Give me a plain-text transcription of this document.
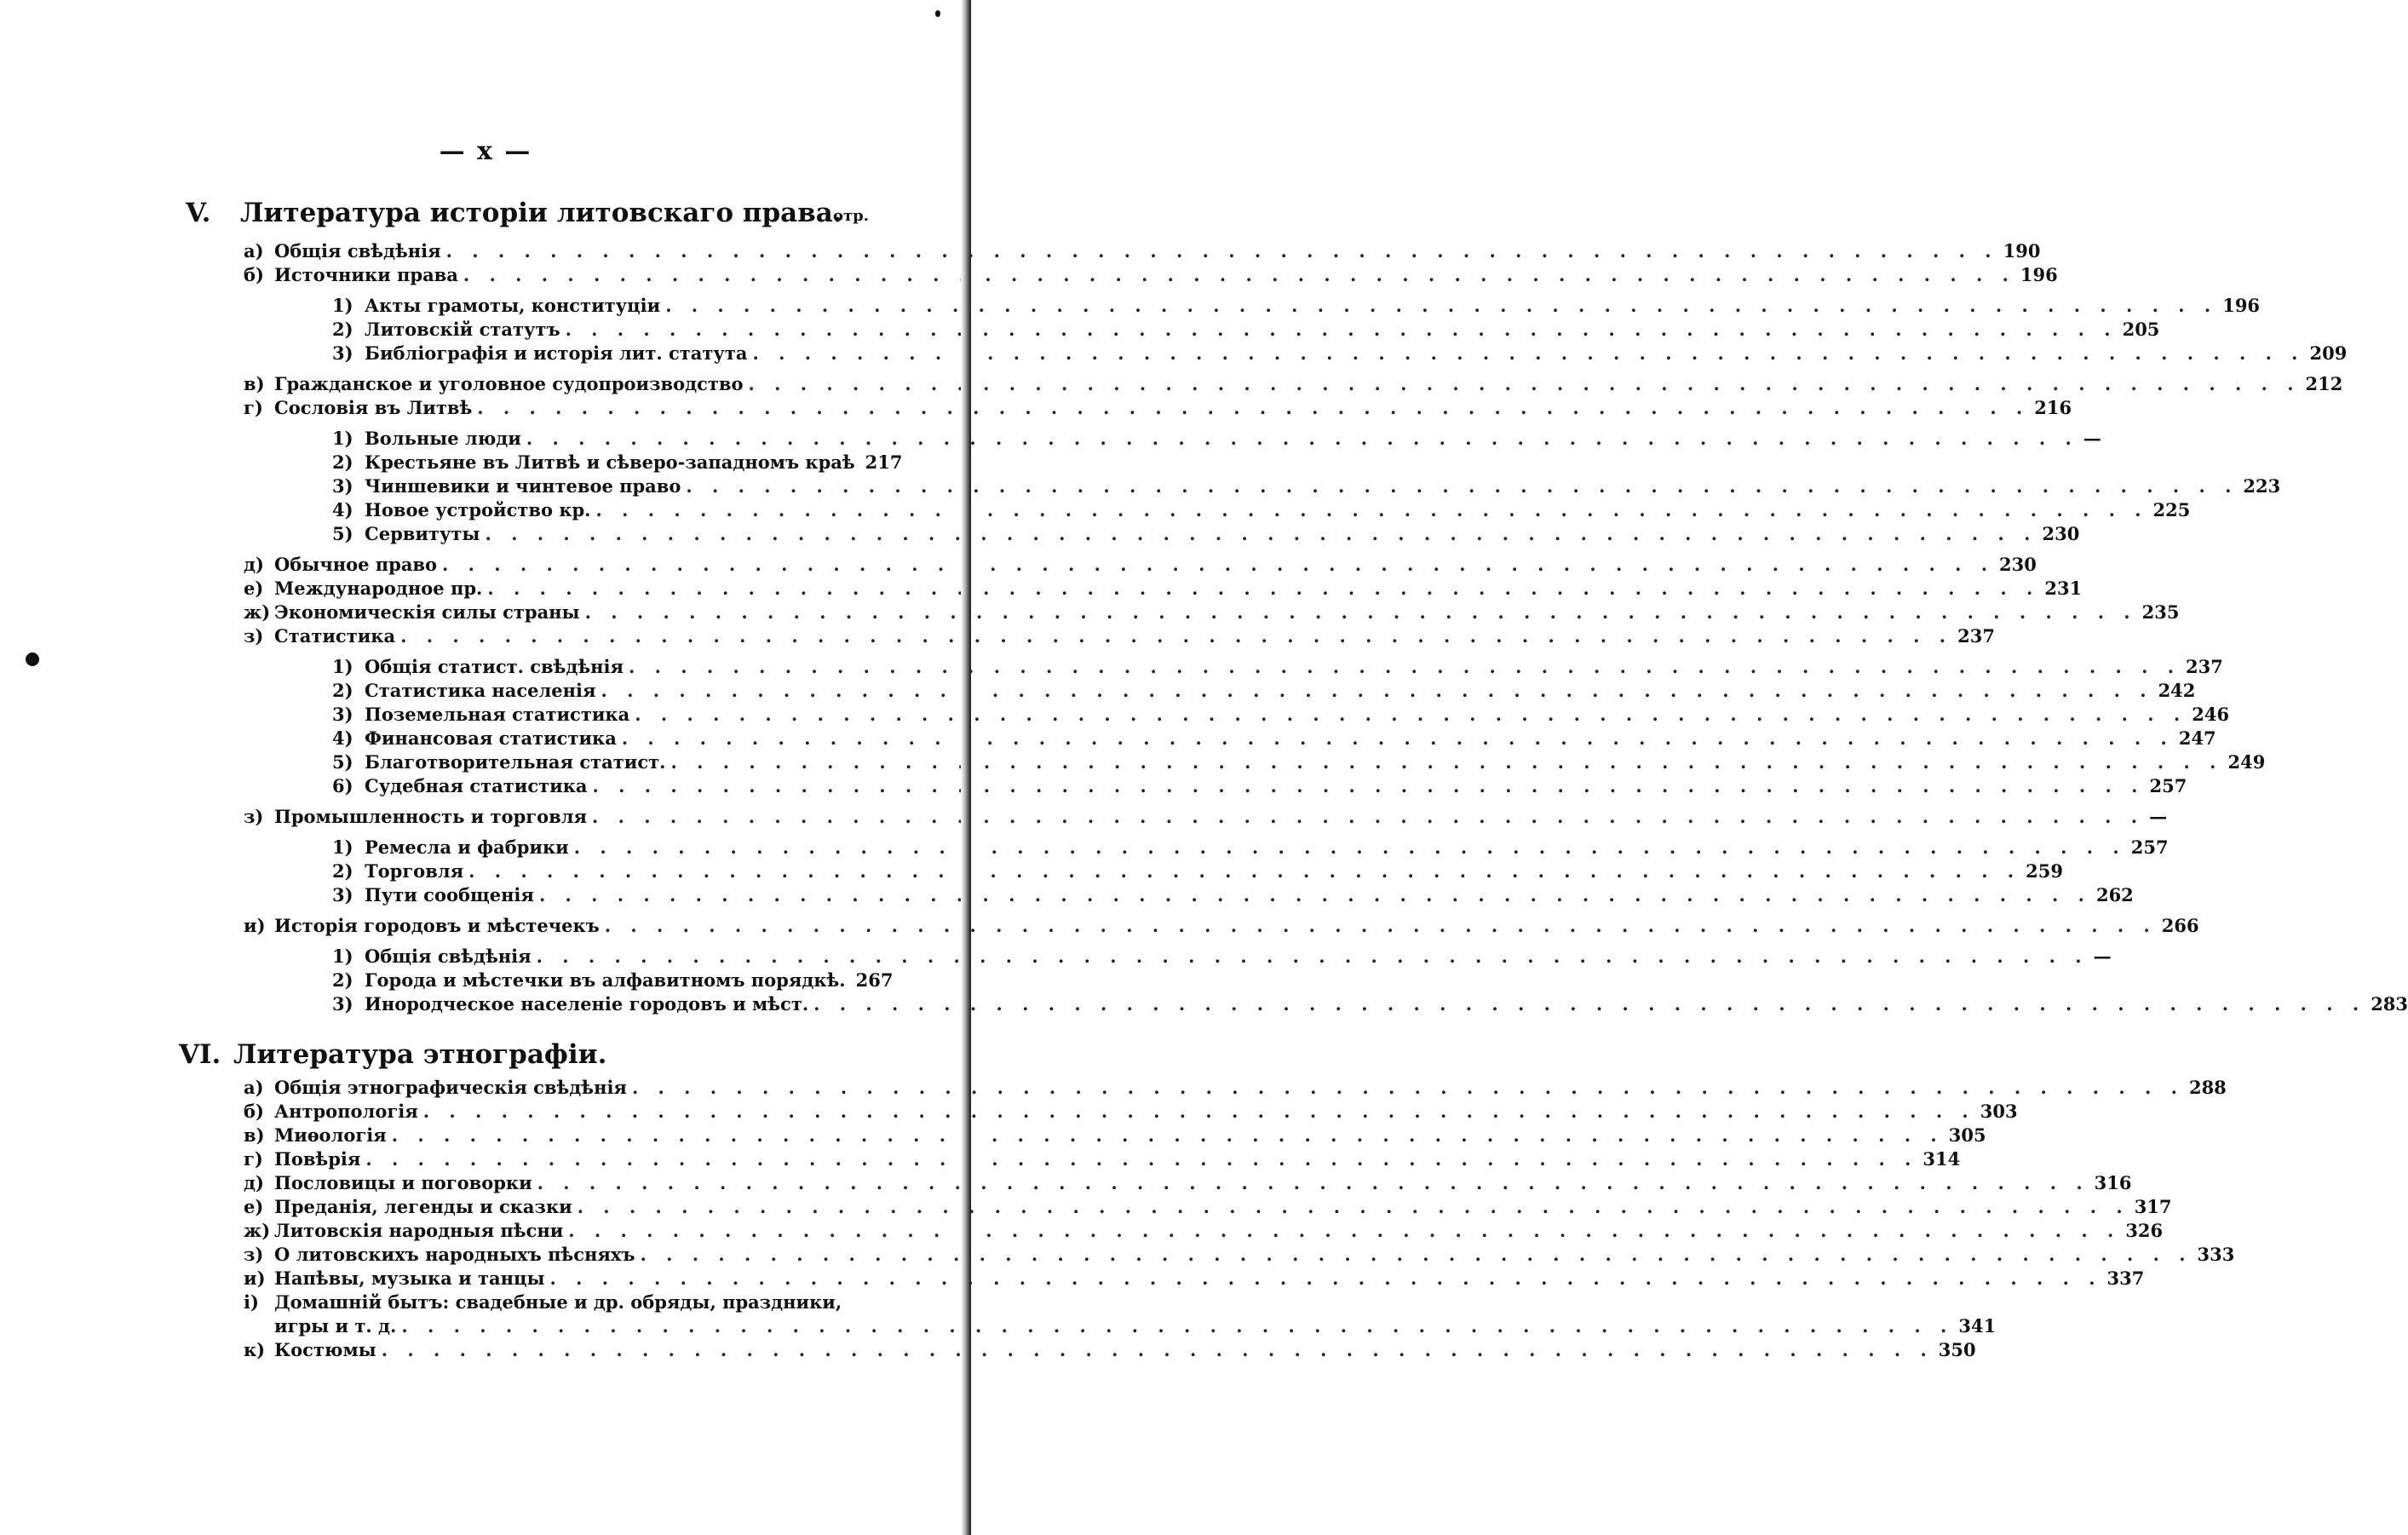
— x —
V. Литература исторіи литовскаго права.
отр.
а) Общія свѣдѣнія . . .	190
б) Источники права . . .	196
1) Акты грамоты, конституціи . . .	196
2) Литовскій статутъ . . .	205
3) Библіографія и исторія лит. статута . . .	209
в) Гражданское и уголовное судопроизводство . . .	212
г) Сословія въ Литвѣ . . .	216
1) Вольные люди . . .	—
2) Крестьяне въ Литвѣ и сѣверо-западномъ краѣ 217
3) Чиншевики и чинтевое право . . .	223
4) Новое устройство кр. . . .	225
5) Сервитуты . . .	230
д) Обычное право . . .	230
е) Международное пр. . . .	231
ж) Экономическія силы страны . . .	235
з) Статистика . . .	237
1) Общія статист. свѣдѣнія . . .	237
2) Статистика населенія . . .	242
3) Поземельная статистика . . .	246
4) Финансовая статистика . . .	247
5) Благотворительная статист. . . .	249
6) Судебная статистика . . .	257
з) Промышленность и торговля . . .	—
1) Ремесла и фабрики . . .	257
2) Торговля . . .	259
3) Пути сообщенія . . .	262
и) Исторія городовъ и мѣстечекъ . . .	266
1) Общія свѣдѣнія . . .	—
2) Города и мѣстечки въ алфавитномъ порядкѣ. 267
3) Инородческое населеніе городовъ и мѣст. . . .	283
VI. Литература этнографіи.
а) Общія этнографическія свѣдѣнія . . .	288
б) Антропологія . . .	303
в) Миѳологія . . .	305
г) Повѣрія . . .	314
д) Пословицы и поговорки . . .	316
е) Преданія, легенды и сказки . . .	317
ж) Литовскія народныя пѣсни . . .	326
з) О литовскихъ народныхъ пѣсняхъ . . .	333
и) Напѣвы, музыка и танцы . . .	337
і) Домашній бытъ: свадебные и др. обряды, праздники,
игры и т. д. . . .	341
к) Костюмы . . .	350
